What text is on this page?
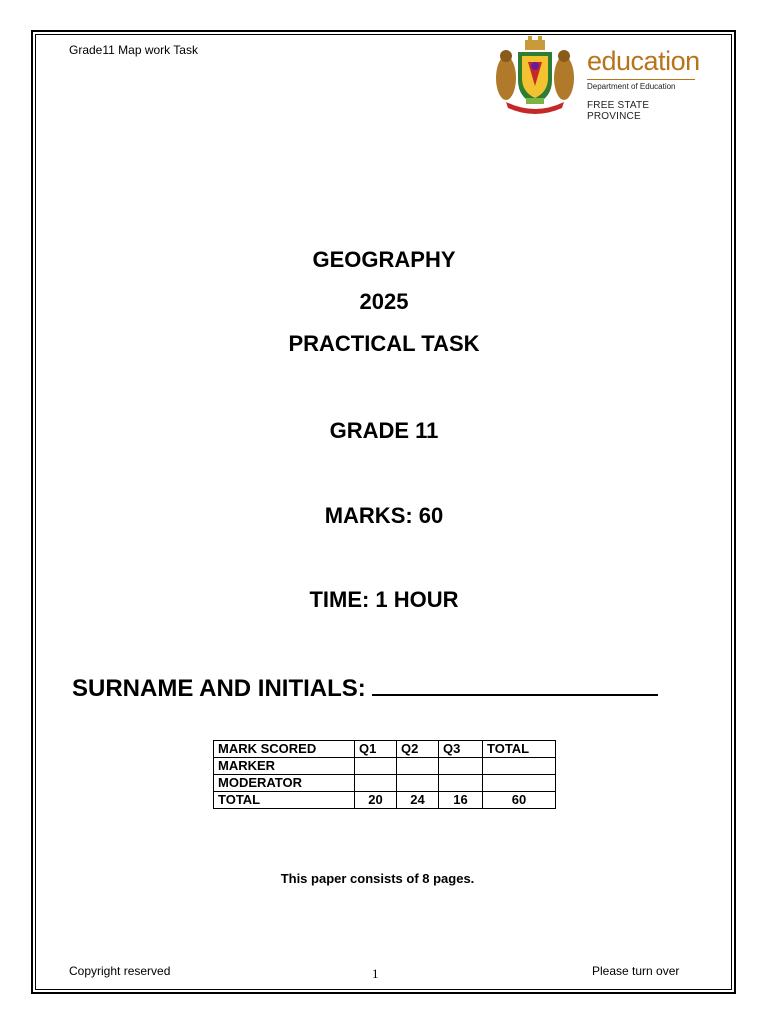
Grade11 Map work Task	education
Department of Education
FREE STATE PROVINCE
GEOGRAPHY
2025
PRACTICAL TASK
GRADE 11
MARKS: 60
TIME: 1 HOUR
SURNAME AND INITIALS:
MARK SCORED	Q1	Q2	Q3	TOTAL
MARKER				
MODERATOR				
TOTAL	20	24	16	60
This paper consists of 8 pages.
Copyright reserved	1	Please turn over
